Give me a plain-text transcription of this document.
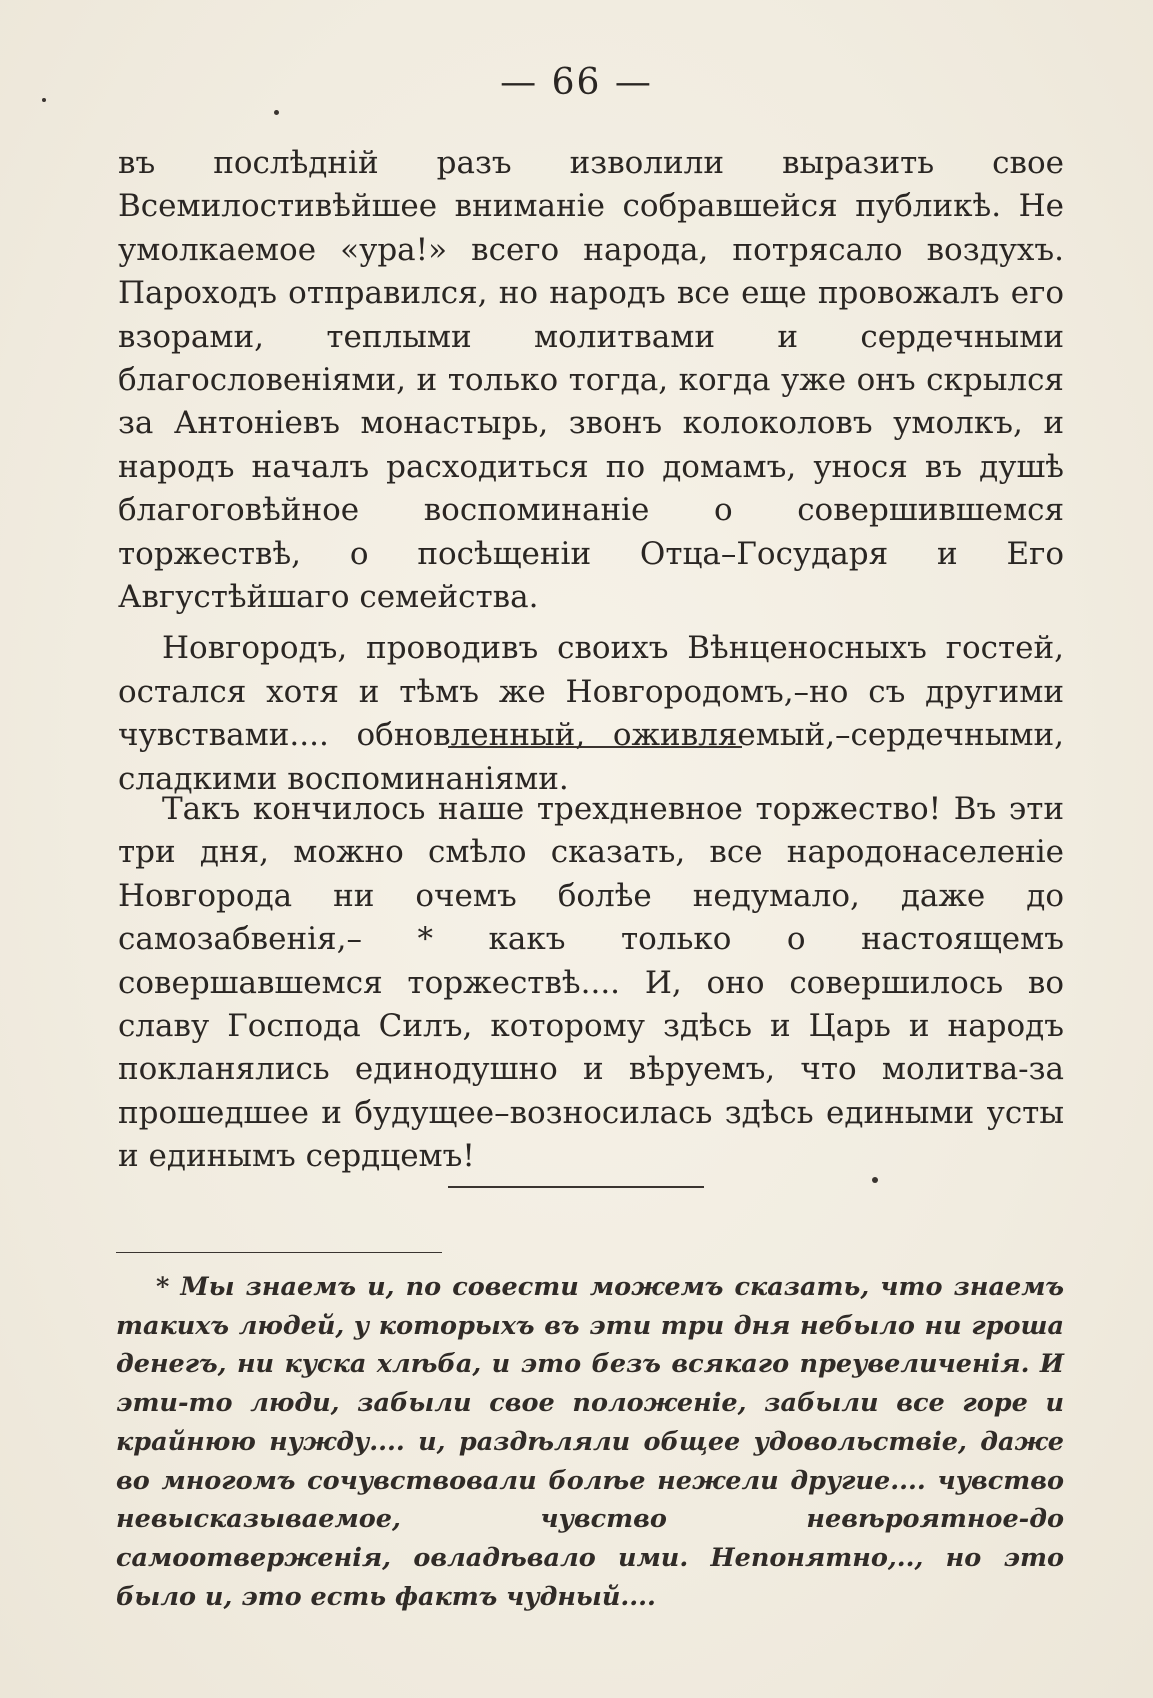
— 66 —

въ послѣдній разъ изволили выразить свое Всемилостивѣйшее вниманіе собравшейся публикѣ. Не умолкаемое «ура!» всего народа, потрясало воздухъ. Пароходъ отправился, но народъ все еще провожалъ его взорами, теплыми молитвами и сердечными благословеніями, и только тогда, когда уже онъ скрылся за Антоніевъ монастырь, звонъ колоколовъ умолкъ, и народъ началъ расходиться по домамъ, унося въ душѣ благоговѣйное воспоминаніе о совершившемся торжествѣ, о посѣщеніи Отца–Государя и Его Августѣйшаго семейства.

Новгородъ, проводивъ своихъ Вѣнценосныхъ гостей, остался хотя и тѣмъ же Новгородомъ,–но съ другими чувствами.... обновленный, оживляемый,–сердечными, сладкими воспоминаніями.

Такъ кончилось наше трехдневное торжество! Въ эти три дня, можно смѣло сказать, все народонаселеніе Новгорода ни очемъ болѣе недумало, даже до самозабвенія,– * какъ только о настоящемъ совершавшемся торжествѣ.... И, оно совершилось во славу Господа Силъ, которому здѣсь и Царь и народъ покланялись единодушно и вѣруемъ, что молитва-за прошедшее и будущее–возносилась здѣсь едиными усты и единымъ сердцемъ!

* Мы знаемъ и, по совести можемъ сказать, что знаемъ такихъ людей, у которыхъ въ эти три дня небыло ни гроша денегъ, ни куска хлѣба, и это безъ всякаго преувеличенія. И эти-то люди, забыли свое положеніе, забыли все горе и крайнюю нужду.... и, раздѣляли общее удовольствіе, даже во многомъ сочувствовали болѣе нежели другие.... чувство невысказываемое, чувство невѣроятное-до самоотверженія, овладѣвало ими. Непонятно,.., но это было и, это есть фактъ чудный....
